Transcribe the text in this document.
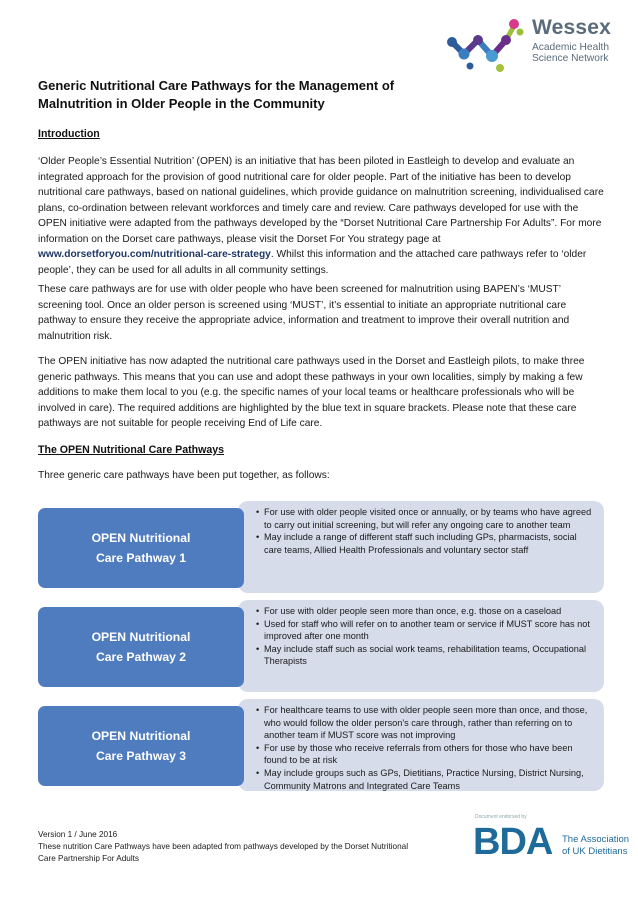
Wessex
Academic Health
Science Network
Generic Nutritional Care Pathways for the Management of
Malnutrition in Older People in the Community
Introduction
‘Older People’s Essential Nutrition’ (OPEN) is an initiative that has been piloted in Eastleigh to develop and evaluate an integrated approach for the provision of good nutritional care for older people. Part of the initiative has been to develop nutritional care pathways, based on national guidelines, which provide guidance on malnutrition screening, individualised care plans, co-ordination between relevant workforces and timely care and review. Care pathways developed for use with the OPEN initiative were adapted from the pathways developed by the “Dorset Nutritional Care Partnership For Adults”. For more information on the Dorset care pathways, please visit the Dorset For You strategy page at www.dorsetforyou.com/nutritional-care-strategy. Whilst this information and the attached care pathways refer to ‘older people’, they can be used for all adults in all community settings.
These care pathways are for use with older people who have been screened for malnutrition using BAPEN’s ‘MUST’ screening tool. Once an older person is screened using ‘MUST’, it’s essential to initiate an appropriate nutritional care pathway to ensure they receive the appropriate advice, information and treatment to improve their overall nutrition and malnutrition risk.
The OPEN initiative has now adapted the nutritional care pathways used in the Dorset and Eastleigh pilots, to make three generic pathways. This means that you can use and adopt these pathways in your own localities, simply by making a few additions to make them local to you (e.g. the specific names of your local teams or healthcare professionals who will be involved in care). The required additions are highlighted by the blue text in square brackets. Please note that these care pathways are not suitable for people receiving End of Life care.
The OPEN Nutritional Care Pathways
Three generic care pathways have been put together, as follows:
OPEN Nutritional
Care Pathway 1
• For use with older people visited once or annually, or by teams who have agreed to carry out initial screening, but will refer any ongoing care to another team
• May include a range of different staff such including GPs, pharmacists, social care teams, Allied Health Professionals and voluntary sector staff
OPEN Nutritional
Care Pathway 2
• For use with older people seen more than once, e.g. those on a caseload
• Used for staff who will refer on to another team or service if MUST score has not improved after one month
• May include staff such as social work teams, rehabilitation teams, Occupational Therapists
OPEN Nutritional
Care Pathway 3
• For healthcare teams to use with older people seen more than once, and those, who would follow the older person's care through, rather than referring on to another team if MUST score was not improving
• For use by those who receive referrals from others for those who have been found to be at risk
• May include groups such as GPs, Dietitians, Practice Nursing, District Nursing, Community Matrons and Integrated Care Teams
Version 1 / June 2016
These nutrition Care Pathways have been adapted from pathways developed by the Dorset Nutritional
Care Partnership For Adults
Document endorsed by
BDA The Association
of UK Dietitians
